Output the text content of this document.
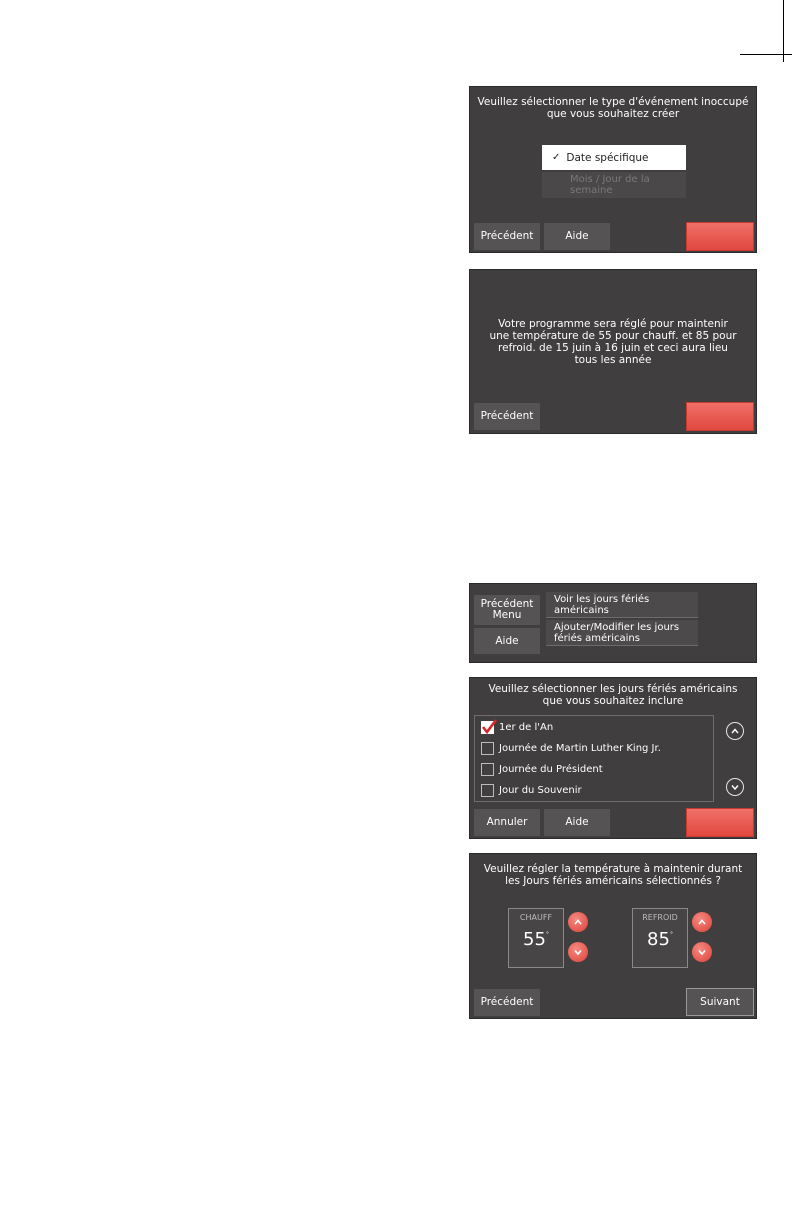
Veuillez sélectionner le type d'événement inoccupé que vous souhaitez créer
✓ Date spécifique
Mois / Jour de la semaine
Précédent	Aide
Votre programme sera réglé pour maintenir une température de 55 pour chauff. et 85 pour refroid. de 15 juin à 16 juin et ceci aura lieu tous les année
Précédent
Précédent Menu
Aide
Voir les jours fériés américains
Ajouter/Modifier les jours fériés américains
Veuillez sélectionner les jours fériés américains que vous souhaitez inclure
1er de l'An
Journée de Martin Luther King Jr.
Journée du Président
Jour du Souvenir
Annuler	Aide
Veuillez régler la température à maintenir durant les Jours fériés américains sélectionnés ?
CHAUFF
55°
REFROID
85°
Précédent	Suivant
